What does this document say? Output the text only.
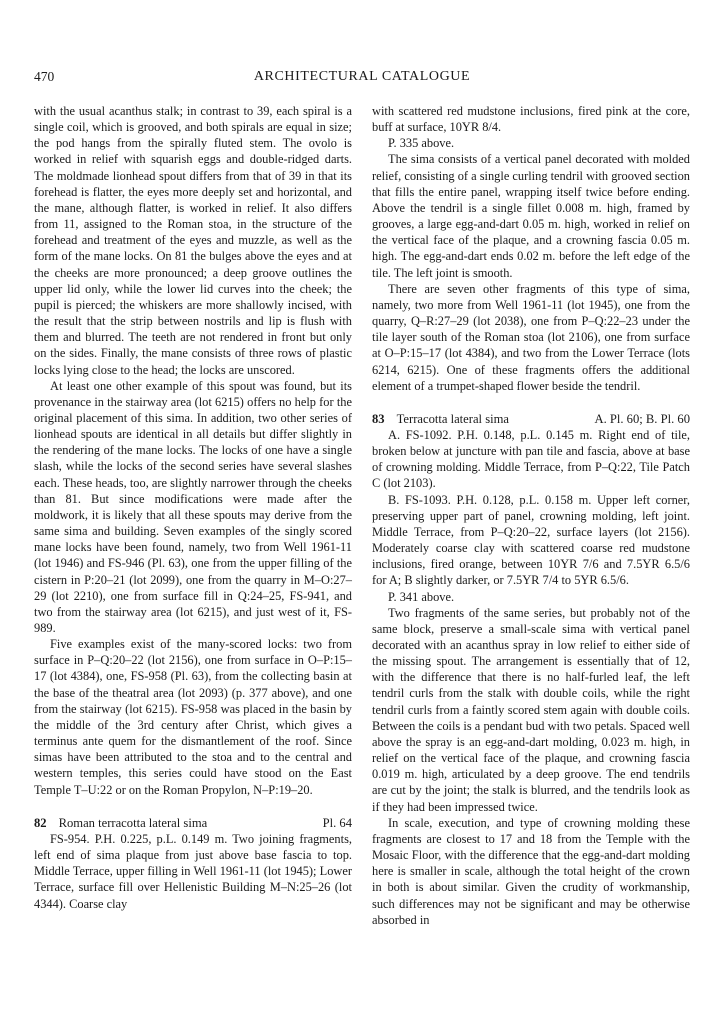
470	ARCHITECTURAL CATALOGUE

with the usual acanthus stalk; in contrast to 39, each spiral is a single coil, which is grooved, and both spirals are equal in size; the pod hangs from the spirally fluted stem. The ovolo is worked in relief with squarish eggs and double-ridged darts. The moldmade lionhead spout differs from that of 39 in that its forehead is flatter, the eyes more deeply set and horizontal, and the mane, although flatter, is worked in relief. It also differs from 11, assigned to the Roman stoa, in the structure of the forehead and treatment of the eyes and muzzle, as well as the form of the mane locks. On 81 the bulges above the eyes and at the cheeks are more pronounced; a deep groove outlines the upper lid only, while the lower lid curves into the cheek; the pupil is pierced; the whiskers are more shallowly incised, with the result that the strip between nostrils and lip is flush with them and blurred. The teeth are not rendered in front but only on the sides. Finally, the mane consists of three rows of plastic locks lying close to the head; the locks are unscored.

At least one other example of this spout was found, but its provenance in the stairway area (lot 6215) offers no help for the original placement of this sima. In addition, two other series of lionhead spouts are identical in all details but differ slightly in the rendering of the mane locks. The locks of one have a single slash, while the locks of the second series have several slashes each. These heads, too, are slightly narrower through the cheeks than 81. But since modifications were made after the moldwork, it is likely that all these spouts may derive from the same sima and building. Seven examples of the singly scored mane locks have been found, namely, two from Well 1961-11 (lot 1946) and FS-946 (Pl. 63), one from the upper filling of the cistern in P:20–21 (lot 2099), one from the quarry in M–O:27–29 (lot 2210), one from surface fill in Q:24–25, FS-941, and two from the stairway area (lot 6215), and just west of it, FS-989.

Five examples exist of the many-scored locks: two from surface in P–Q:20–22 (lot 2156), one from surface in O–P:15–17 (lot 4384), one, FS-958 (Pl. 63), from the collecting basin at the base of the theatral area (lot 2093) (p. 377 above), and one from the stairway (lot 6215). FS-958 was placed in the basin by the middle of the 3rd century after Christ, which gives a terminus ante quem for the dismantlement of the roof. Since simas have been attributed to the stoa and to the central and western temples, this series could have stood on the East Temple T–U:22 or on the Roman Propylon, N–P:19–20.

82 Roman terracotta lateral sima	Pl. 64

FS-954. P.H. 0.225, p.L. 0.149 m. Two joining fragments, left end of sima plaque from just above base fascia to top. Middle Terrace, upper filling in Well 1961-11 (lot 1945); Lower Terrace, surface fill over Hellenistic Building M–N:25–26 (lot 4344). Coarse clay

with scattered red mudstone inclusions, fired pink at the core, buff at surface, 10YR 8/4.

P. 335 above.

The sima consists of a vertical panel decorated with molded relief, consisting of a single curling tendril with grooved section that fills the entire panel, wrapping itself twice before ending. Above the tendril is a single fillet 0.008 m. high, framed by grooves, a large egg-and-dart 0.05 m. high, worked in relief on the vertical face of the plaque, and a crowning fascia 0.05 m. high. The egg-and-dart ends 0.02 m. before the left edge of the tile. The left joint is smooth.

There are seven other fragments of this type of sima, namely, two more from Well 1961-11 (lot 1945), one from the quarry, Q–R:27–29 (lot 2038), one from P–Q:22–23 under the tile layer south of the Roman stoa (lot 2106), one from surface at O–P:15–17 (lot 4384), and two from the Lower Terrace (lots 6214, 6215). One of these fragments offers the additional element of a trumpet-shaped flower beside the tendril.

83 Terracotta lateral sima	A. Pl. 60; B. Pl. 60

A. FS-1092. P.H. 0.148, p.L. 0.145 m. Right end of tile, broken below at juncture with pan tile and fascia, above at base of crowning molding. Middle Terrace, from P–Q:22, Tile Patch C (lot 2103).

B. FS-1093. P.H. 0.128, p.L. 0.158 m. Upper left corner, preserving upper part of panel, crowning molding, left joint. Middle Terrace, from P–Q:20–22, surface layers (lot 2156). Moderately coarse clay with scattered coarse red mudstone inclusions, fired orange, between 10YR 7/6 and 7.5YR 6.5/6 for A; B slightly darker, or 7.5YR 7/4 to 5YR 6.5/6.

P. 341 above.

Two fragments of the same series, but probably not of the same block, preserve a small-scale sima with vertical panel decorated with an acanthus spray in low relief to either side of the missing spout. The arrangement is essentially that of 12, with the difference that there is no half-furled leaf, the left tendril curls from the stalk with double coils, while the right tendril curls from a faintly scored stem again with double coils. Between the coils is a pendant bud with two petals. Spaced well above the spray is an egg-and-dart molding, 0.023 m. high, in relief on the vertical face of the plaque, and crowning fascia 0.019 m. high, articulated by a deep groove. The end tendrils are cut by the joint; the stalk is blurred, and the tendrils look as if they had been impressed twice.

In scale, execution, and type of crowning molding these fragments are closest to 17 and 18 from the Temple with the Mosaic Floor, with the difference that the egg-and-dart molding here is smaller in scale, although the total height of the crown in both is about similar. Given the crudity of workmanship, such differences may not be significant and may be otherwise absorbed in
